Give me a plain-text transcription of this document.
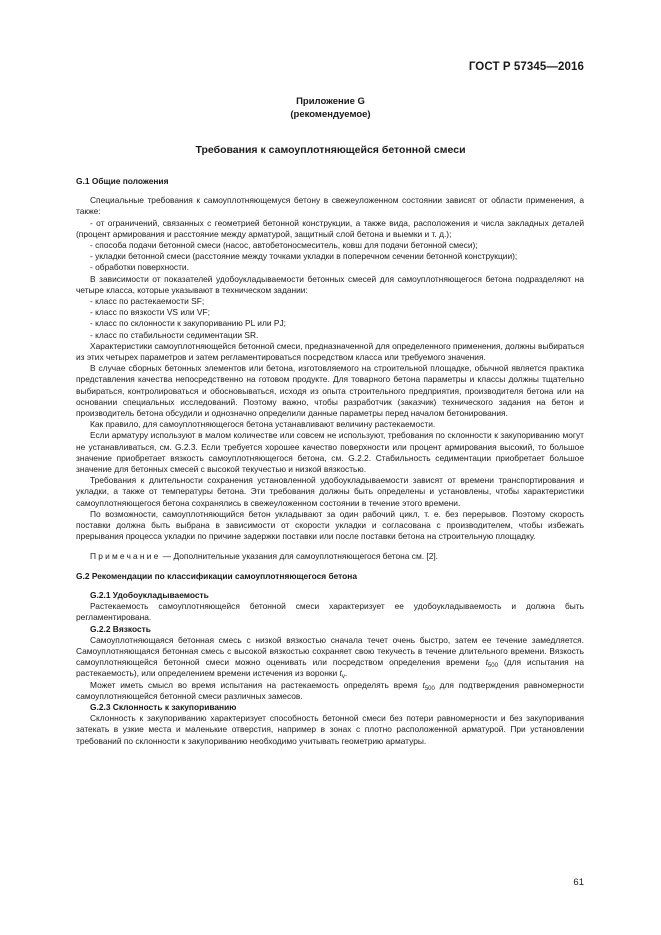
ГОСТ Р 57345—2016
Приложение G
(рекомендуемое)
Требования к самоуплотняющейся бетонной смеси

G.1 Общие положения

Специальные требования к самоуплотняющемуся бетону в свежеуложенном состоянии зависят от области применения, а также:

- от ограничений, связанных с геометрией бетонной конструкции, а также вида, расположения и числа закладных деталей (процент армирования и расстояние между арматурой, защитный слой бетона и выемки и т. д.);

- способа подачи бетонной смеси (насос, автобетоносмеситель, ковш для подачи бетонной смеси);

- укладки бетонной смеси (расстояние между точками укладки в поперечном сечении бетонной конструкции);

- обработки поверхности.

В зависимости от показателей удобоукладываемости бетонных смесей для самоуплотняющегося бетона подразделяют на четыре класса, которые указывают в техническом задании:

- класс по растекаемости SF;

- класс по вязкости VS или VF;

- класс по склонности к закупориванию PL или PJ;

- класс по стабильности седиментации SR.

Характеристики самоуплотняющейся бетонной смеси, предназначенной для определенного применения, должны выбираться из этих четырех параметров и затем регламентироваться посредством класса или требуемого значения.

В случае сборных бетонных элементов или бетона, изготовляемого на строительной площадке, обычной является практика представления качества непосредственно на готовом продукте. Для товарного бетона параметры и классы должны тщательно выбираться, контролироваться и обосновываться, исходя из опыта строительного предприятия, производителя бетона или на основании специальных исследований. Поэтому важно, чтобы разработчик (заказчик) технического задания на бетон и производитель бетона обсудили и однозначно определили данные параметры перед началом бетонирования.

Как правило, для самоуплотняющегося бетона устанавливают величину растекаемости.

Если арматуру используют в малом количестве или совсем не используют, требования по склонности к закупориванию могут не устанавливаться, см. G.2.3. Если требуется хорошее качество поверхности или процент армирования высокий, то большое значение приобретает вязкость самоуплотняющегося бетона, см. G.2.2. Стабильность седиментации приобретает большое значение для бетонных смесей с высокой текучестью и низкой вязкостью.

Требования к длительности сохранения установленной удобоукладываемости зависят от времени транспортирования и укладки, а также от температуры бетона. Эти требования должны быть определены и установлены, чтобы характеристики самоуплотняющегося бетона сохранялись в свежеуложенном состоянии в течение этого времени.

По возможности, самоуплотняющийся бетон укладывают за один рабочий цикл, т. е. без перерывов. Поэтому скорость поставки должна быть выбрана в зависимости от скорости укладки и согласована с производителем, чтобы избежать прерывания процесса укладки по причине задержки поставки или после поставки бетона на строительную площадку.

Примечание — Дополнительные указания для самоуплотняющегося бетона см. [2].

G.2 Рекомендации по классификации самоуплотняющегося бетона

G.2.1 Удобоукладываемость

Растекаемость самоуплотняющейся бетонной смеси характеризует ее удобоукладываемость и должна быть регламентирована.

G.2.2 Вязкость

Самоуплотняющаяся бетонная смесь с низкой вязкостью сначала течет очень быстро, затем ее течение замедляется. Самоуплотняющаяся бетонная смесь с высокой вязкостью сохраняет свою текучесть в течение длительного времени. Вязкость самоуплотняющейся бетонной смеси можно оценивать или посредством определения времени $t_{500}$ (для испытания на растекаемость), или определением времени истечения из воронки $t_v$.

Может иметь смысл во время испытания на растекаемость определять время $t_{500}$ для подтверждения равномерности самоуплотняющейся бетонной смеси различных замесов.

G.2.3 Склонность к закупориванию

Склонность к закупориванию характеризует способность бетонной смеси без потери равномерности и без закупоривания затекать в узкие места и маленькие отверстия, например в зонах с плотно расположенной арматурой. При установлении требований по склонности к закупориванию необходимо учитывать геометрию арматуры.

61
